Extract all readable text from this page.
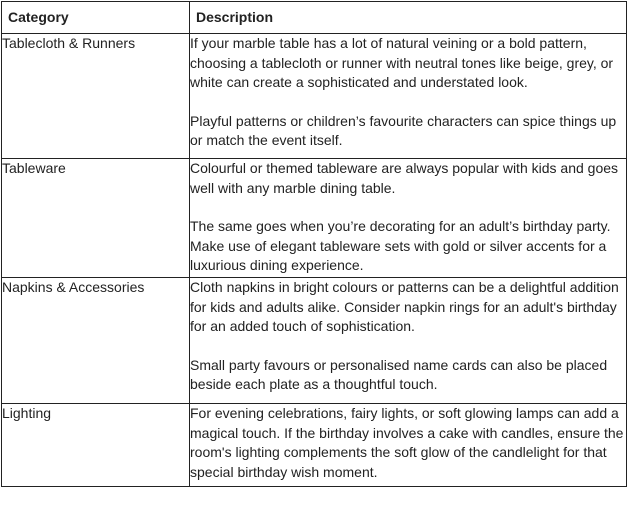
Category	Description
Tablecloth & Runners	If your marble table has a lot of natural veining or a bold pattern, choosing a tablecloth or runner with neutral tones like beige, grey, or white can create a sophisticated and understated look.

Playful patterns or children’s favourite characters can spice things up or match the event itself.

Tableware	Colourful or themed tableware are always popular with kids and goes well with any marble dining table.

The same goes when you’re decorating for an adult’s birthday party. Make use of elegant tableware sets with gold or silver accents for a luxurious dining experience.

Napkins & Accessories	Cloth napkins in bright colours or patterns can be a delightful addition for kids and adults alike. Consider napkin rings for an adult's birthday for an added touch of sophistication.

Small party favours or personalised name cards can also be placed beside each plate as a thoughtful touch.

Lighting	For evening celebrations, fairy lights, or soft glowing lamps can add a magical touch. If the birthday involves a cake with candles, ensure the room's lighting complements the soft glow of the candlelight for that special birthday wish moment.
